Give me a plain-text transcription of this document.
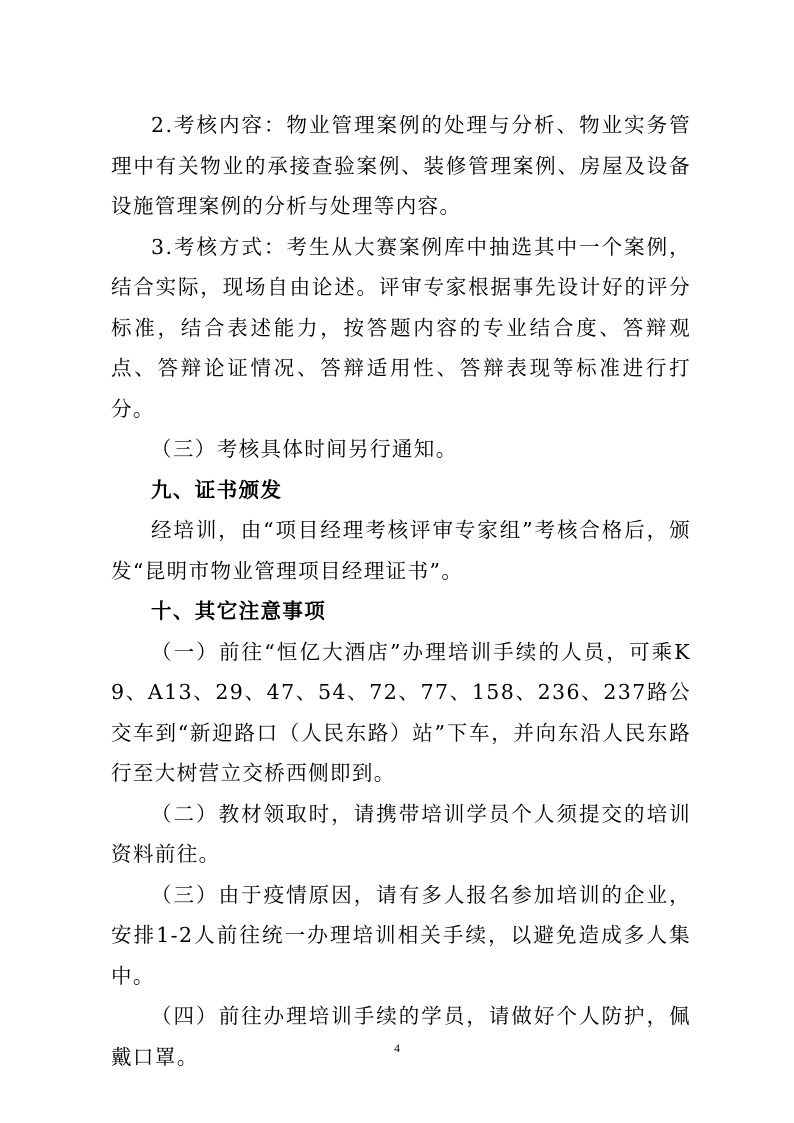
2.考核内容：物业管理案例的处理与分析、物业实务管理中有关物业的承接查验案例、装修管理案例、房屋及设备设施管理案例的分析与处理等内容。

3.考核方式：考生从大赛案例库中抽选其中一个案例，结合实际，现场自由论述。评审专家根据事先设计好的评分标准，结合表述能力，按答题内容的专业结合度、答辩观点、答辩论证情况、答辩适用性、答辩表现等标准进行打分。

（三）考核具体时间另行通知。

九、证书颁发

经培训，由“项目经理考核评审专家组”考核合格后，颁发“昆明市物业管理项目经理证书”。

十、其它注意事项

（一）前往“恒亿大酒店”办理培训手续的人员，可乘K9、A13、29、47、54、72、77、158、236、237路公交车到“新迎路口（人民东路）站”下车，并向东沿人民东路行至大树营立交桥西侧即到。

（二）教材领取时，请携带培训学员个人须提交的培训资料前往。

（三）由于疫情原因，请有多人报名参加培训的企业，安排1-2人前往统一办理培训相关手续，以避免造成多人集中。

（四）前往办理培训手续的学员，请做好个人防护，佩戴口罩。	4
